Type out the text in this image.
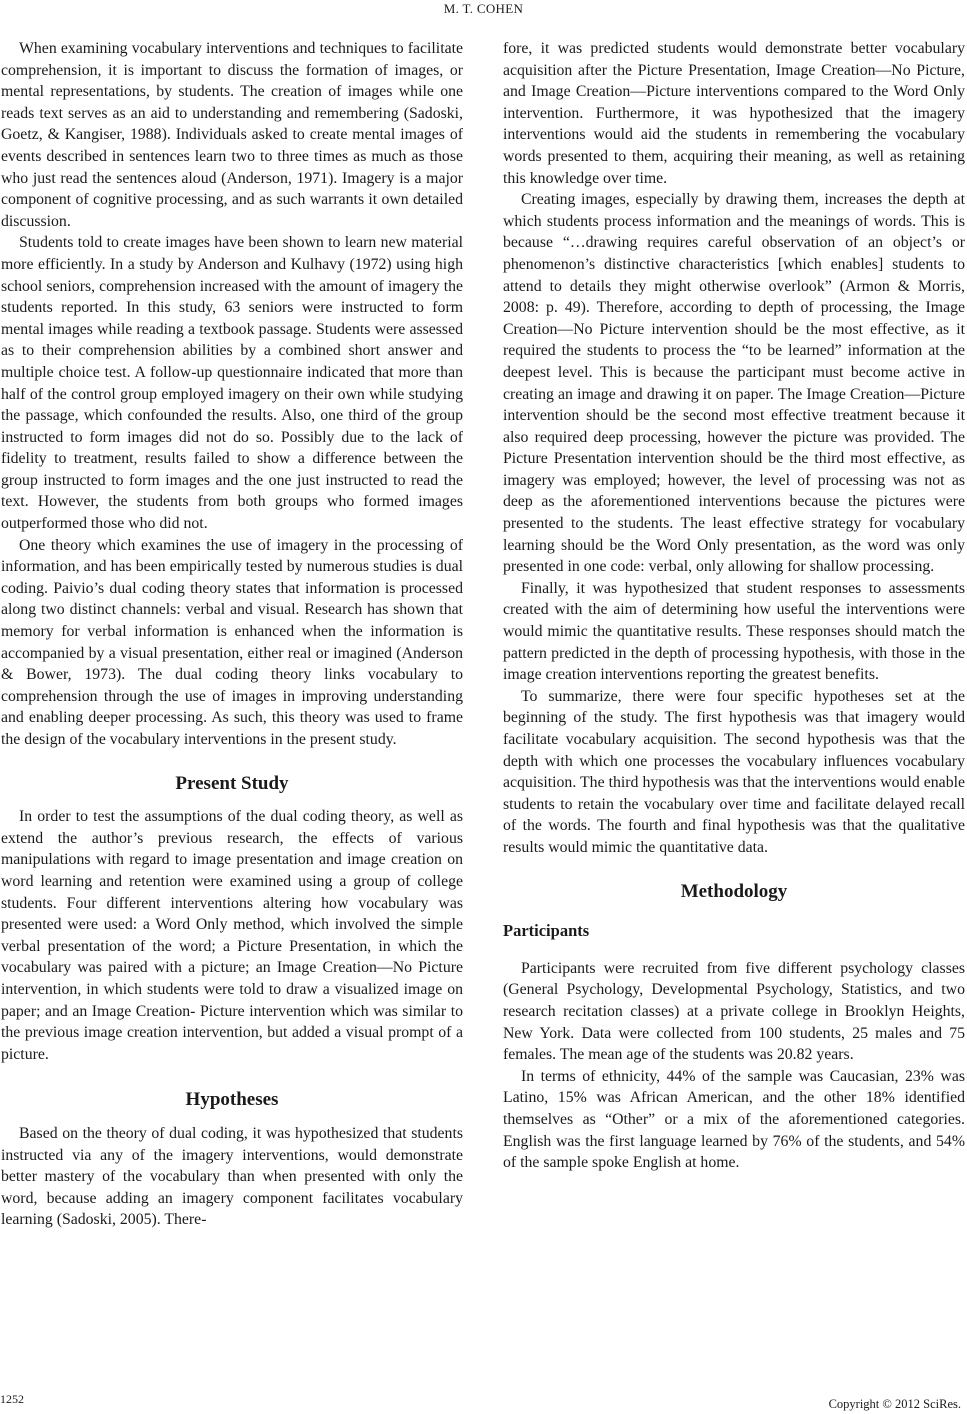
M. T. COHEN

When examining vocabulary interventions and techniques to facilitate comprehension, it is important to discuss the formation of images, or mental representations, by students. The creation of images while one reads text serves as an aid to understanding and remembering (Sadoski, Goetz, & Kangiser, 1988). Individuals asked to create mental images of events described in sentences learn two to three times as much as those who just read the sentences aloud (Anderson, 1971). Imagery is a major component of cognitive processing, and as such warrants it own detailed discussion.

Students told to create images have been shown to learn new material more efficiently. In a study by Anderson and Kulhavy (1972) using high school seniors, comprehension increased with the amount of imagery the students reported. In this study, 63 seniors were instructed to form mental images while reading a textbook passage. Students were assessed as to their comprehension abilities by a combined short answer and multiple choice test. A follow-up questionnaire indicated that more than half of the control group employed imagery on their own while studying the passage, which confounded the results. Also, one third of the group instructed to form images did not do so. Possibly due to the lack of fidelity to treatment, results failed to show a difference between the group instructed to form images and the one just instructed to read the text. However, the students from both groups who formed images outperformed those who did not.

One theory which examines the use of imagery in the processing of information, and has been empirically tested by numerous studies is dual coding. Paivio’s dual coding theory states that information is processed along two distinct channels: verbal and visual. Research has shown that memory for verbal information is enhanced when the information is accompanied by a visual presentation, either real or imagined (Anderson & Bower, 1973). The dual coding theory links vocabulary to comprehension through the use of images in improving understanding and enabling deeper processing. As such, this theory was used to frame the design of the vocabulary interventions in the present study.

Present Study

In order to test the assumptions of the dual coding theory, as well as extend the author’s previous research, the effects of various manipulations with regard to image presentation and image creation on word learning and retention were examined using a group of college students. Four different interventions altering how vocabulary was presented were used: a Word Only method, which involved the simple verbal presentation of the word; a Picture Presentation, in which the vocabulary was paired with a picture; an Image Creation—No Picture intervention, in which students were told to draw a visualized image on paper; and an Image Creation- Picture intervention which was similar to the previous image creation intervention, but added a visual prompt of a picture.

Hypotheses

Based on the theory of dual coding, it was hypothesized that students instructed via any of the imagery interventions, would demonstrate better mastery of the vocabulary than when presented with only the word, because adding an imagery component facilitates vocabulary learning (Sadoski, 2005). There-

fore, it was predicted students would demonstrate better vocabulary acquisition after the Picture Presentation, Image Creation—No Picture, and Image Creation—Picture interventions compared to the Word Only intervention. Furthermore, it was hypothesized that the imagery interventions would aid the students in remembering the vocabulary words presented to them, acquiring their meaning, as well as retaining this knowledge over time.

Creating images, especially by drawing them, increases the depth at which students process information and the meanings of words. This is because “…drawing requires careful observation of an object’s or phenomenon’s distinctive characteristics [which enables] students to attend to details they might otherwise overlook” (Armon & Morris, 2008: p. 49). Therefore, according to depth of processing, the Image Creation—No Picture intervention should be the most effective, as it required the students to process the “to be learned” information at the deepest level. This is because the participant must become active in creating an image and drawing it on paper. The Image Creation—Picture intervention should be the second most effective treatment because it also required deep processing, however the picture was provided. The Picture Presentation intervention should be the third most effective, as imagery was employed; however, the level of processing was not as deep as the aforementioned interventions because the pictures were presented to the students. The least effective strategy for vocabulary learning should be the Word Only presentation, as the word was only presented in one code: verbal, only allowing for shallow processing.

Finally, it was hypothesized that student responses to assessments created with the aim of determining how useful the interventions were would mimic the quantitative results. These responses should match the pattern predicted in the depth of processing hypothesis, with those in the image creation interventions reporting the greatest benefits.

To summarize, there were four specific hypotheses set at the beginning of the study. The first hypothesis was that imagery would facilitate vocabulary acquisition. The second hypothesis was that the depth with which one processes the vocabulary influences vocabulary acquisition. The third hypothesis was that the interventions would enable students to retain the vocabulary over time and facilitate delayed recall of the words. The fourth and final hypothesis was that the qualitative results would mimic the quantitative data.

Methodology
Participants

Participants were recruited from five different psychology classes (General Psychology, Developmental Psychology, Statistics, and two research recitation classes) at a private college in Brooklyn Heights, New York. Data were collected from 100 students, 25 males and 75 females. The mean age of the students was 20.82 years.

In terms of ethnicity, 44% of the sample was Caucasian, 23% was Latino, 15% was African American, and the other 18% identified themselves as “Other” or a mix of the aforementioned categories. English was the first language learned by 76% of the students, and 54% of the sample spoke English at home.

1252	Copyright © 2012 SciRes.
